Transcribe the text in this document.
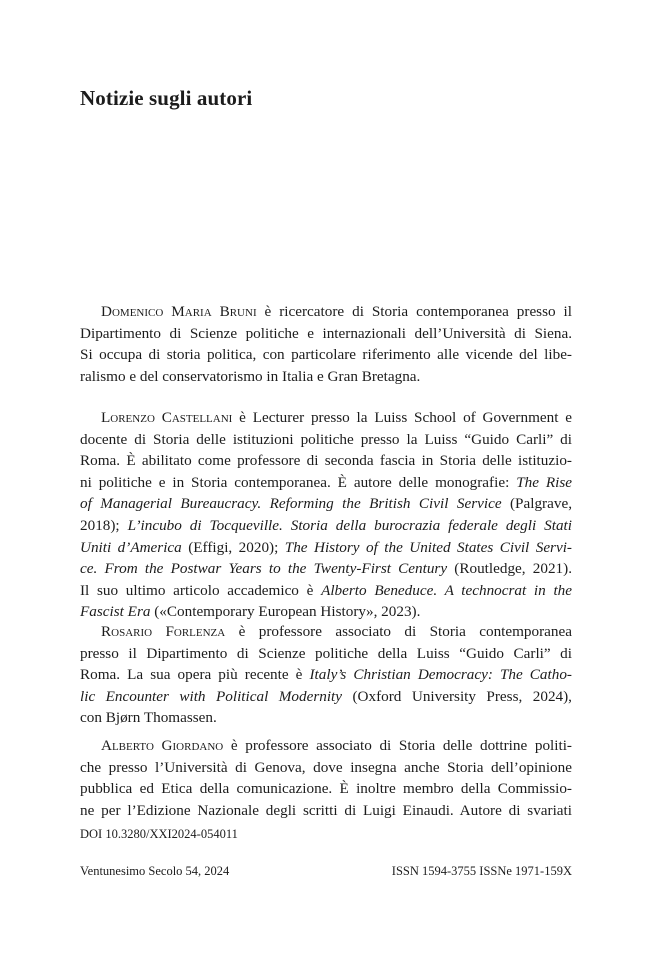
Notizie sugli autori

Domenico Maria Bruni è ricercatore di Storia contemporanea presso il
Dipartimento di Scienze politiche e internazionali dell’Università di Siena.
Si occupa di storia politica, con particolare riferimento alle vicende del libe-
ralismo e del conservatorismo in Italia e Gran Bretagna.

Lorenzo Castellani è Lecturer presso la Luiss School of Government e
docente di Storia delle istituzioni politiche presso la Luiss “Guido Carli” di
Roma. È abilitato come professore di seconda fascia in Storia delle istituzio-
ni politiche e in Storia contemporanea. È autore delle monografie: The Rise
of Managerial Bureaucracy. Reforming the British Civil Service (Palgrave,
2018); L’incubo di Tocqueville. Storia della burocrazia federale degli Stati
Uniti d’America (Effigi, 2020); The History of the United States Civil Servi-
ce. From the Postwar Years to the Twenty-First Century (Routledge, 2021).
Il suo ultimo articolo accademico è Alberto Beneduce. A technocrat in the
Fascist Era («Contemporary European History», 2023).

Rosario Forlenza è professore associato di Storia contemporanea
presso il Dipartimento di Scienze politiche della Luiss “Guido Carli” di
Roma. La sua opera più recente è Italy’s Christian Democracy: The Catho-
lic Encounter with Political Modernity (Oxford University Press, 2024),
con Bjørn Thomassen.

Alberto Giordano è professore associato di Storia delle dottrine politi-
che presso l’Università di Genova, dove insegna anche Storia dell’opinione
pubblica ed Etica della comunicazione. È inoltre membro della Commissio-
ne per l’Edizione Nazionale degli scritti di Luigi Einaudi. Autore di svariati

DOI 10.3280/XXI2024-054011
Ventunesimo Secolo 54, 2024	ISSN 1594-3755 ISSNe 1971-159X
